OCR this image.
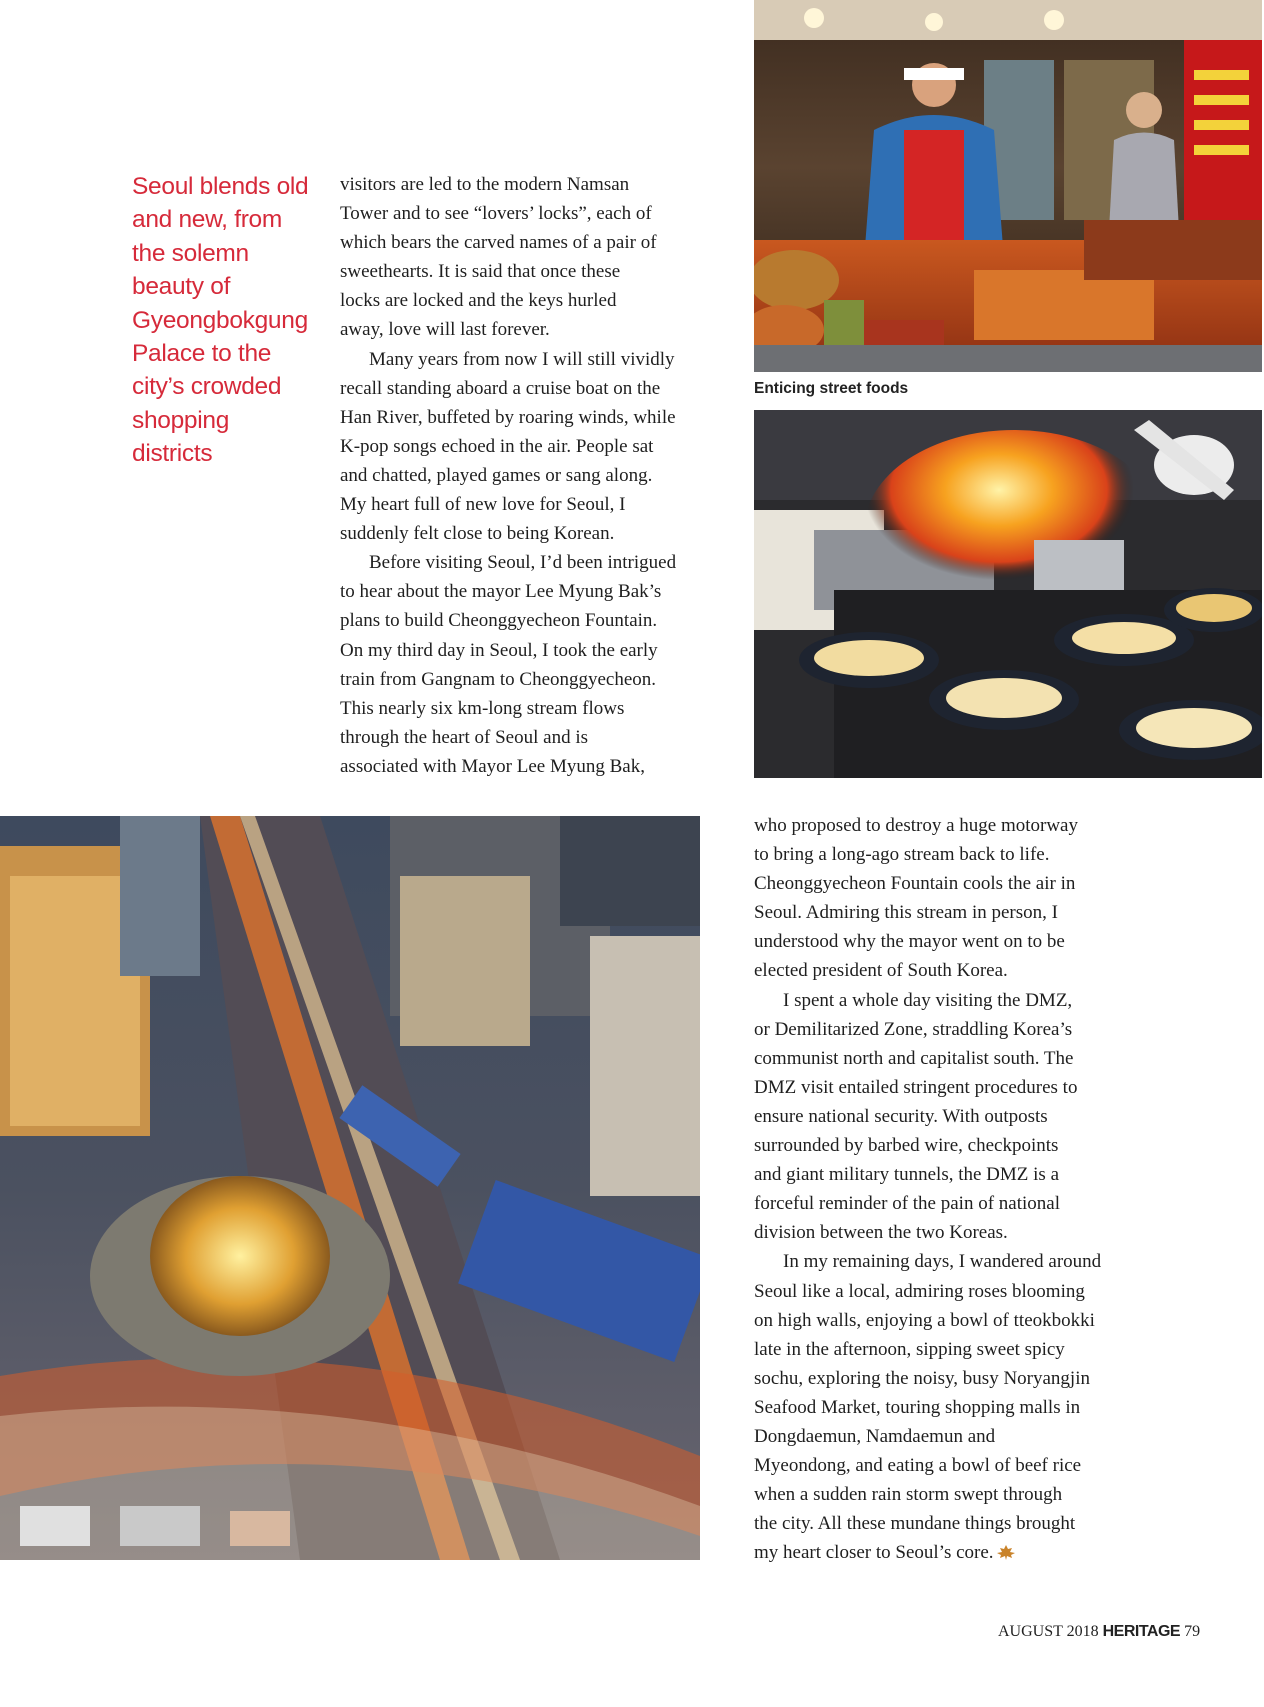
Seoul blends old
and new, from
the solemn
beauty of
Gyeongbokgung
Palace to the
city’s crowded
shopping
districts
visitors are led to the modern Namsan
Tower and to see “lovers’ locks”, each of
which bears the carved names of a pair of
sweethearts. It is said that once these
locks are locked and the keys hurled
away, love will last forever.
Many years from now I will still vividly
recall standing aboard a cruise boat on the
Han River, buffeted by roaring winds, while
K-pop songs echoed in the air. People sat
and chatted, played games or sang along.
My heart full of new love for Seoul, I
suddenly felt close to being Korean.
Before visiting Seoul, I’d been intrigued
to hear about the mayor Lee Myung Bak’s
plans to build Cheonggyecheon Fountain.
On my third day in Seoul, I took the early
train from Gangnam to Cheonggyecheon.
This nearly six km-long stream flows
through the heart of Seoul and is
associated with Mayor Lee Myung Bak,
Enticing street foods
who proposed to destroy a huge motorway
to bring a long-ago stream back to life.
Cheonggyecheon Fountain cools the air in
Seoul. Admiring this stream in person, I
understood why the mayor went on to be
elected president of South Korea.
I spent a whole day visiting the DMZ,
or Demilitarized Zone, straddling Korea’s
communist north and capitalist south. The
DMZ visit entailed stringent procedures to
ensure national security. With outposts
surrounded by barbed wire, checkpoints
and giant military tunnels, the DMZ is a
forceful reminder of the pain of national
division between the two Koreas.
In my remaining days, I wandered around
Seoul like a local, admiring roses blooming
on high walls, enjoying a bowl of tteokbokki
late in the afternoon, sipping sweet spicy
sochu, exploring the noisy, busy Noryangjin
Seafood Market, touring shopping malls in
Dongdaemun, Namdaemun and
Myeondong, and eating a bowl of beef rice
when a sudden rain storm swept through
the city. All these mundane things brought
my heart closer to Seoul’s core.
AUGUST 2018 HERITAGE 79
